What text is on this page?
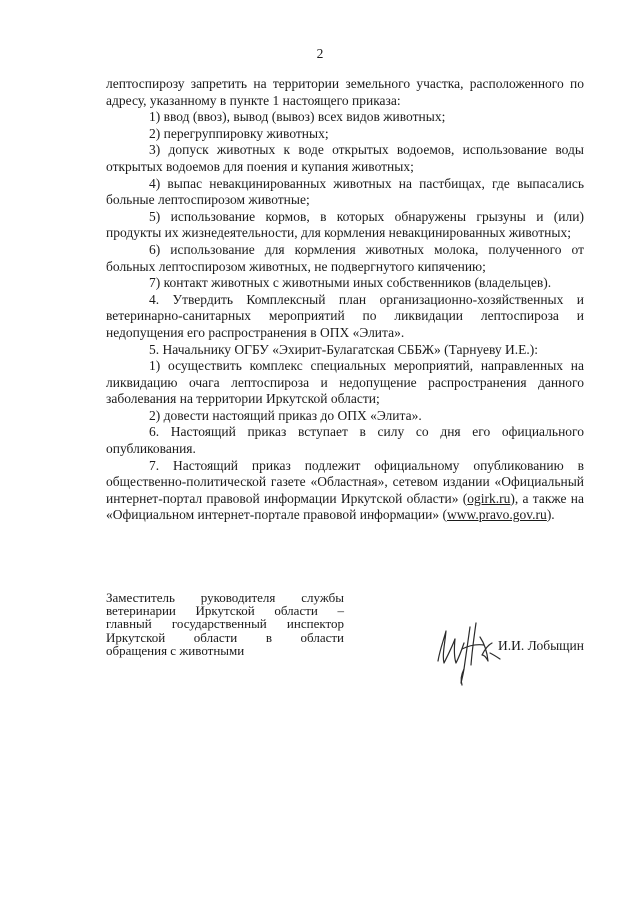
2

лептоспирозу запретить на территории земельного участка, расположенного по адресу, указанному в пункте 1 настоящего приказа:

1) ввод (ввоз), вывод (вывоз) всех видов животных;

2) перегруппировку животных;

3) допуск животных к воде открытых водоемов, использование воды открытых водоемов для поения и купания животных;

4) выпас невакцинированных животных на пастбищах, где выпасались больные лептоспирозом животные;

5) использование кормов, в которых обнаружены грызуны и (или) продукты их жизнедеятельности, для кормления невакцинированных животных;

6) использование для кормления животных молока, полученного от больных лептоспирозом животных, не подвергнутого кипячению;

7) контакт животных с животными иных собственников (владельцев).

4. Утвердить Комплексный план организационно-хозяйственных и ветеринарно-санитарных мероприятий по ликвидации лептоспироза и недопущения его распространения в ОПХ «Элита».

5. Начальнику ОГБУ «Эхирит-Булагатская СББЖ» (Тарнуеву И.Е.):

1) осуществить комплекс специальных мероприятий, направленных на ликвидацию очага лептоспироза и недопущение распространения данного заболевания на территории Иркутской области;

2) довести настоящий приказ до ОПХ «Элита».

6. Настоящий приказ вступает в силу со дня его официального опубликования.

7. Настоящий приказ подлежит официальному опубликованию в общественно-политической газете «Областная», сетевом издании «Официальный интернет-портал правовой информации Иркутской области» (ogirk.ru), а также на «Официальном интернет-портале правовой информации» (www.pravo.gov.ru).

Заместитель руководителя службы
ветеринарии Иркутской области –
главный государственный инспектор
Иркутской области в области
обращения с животными	И.И. Лобыщин
